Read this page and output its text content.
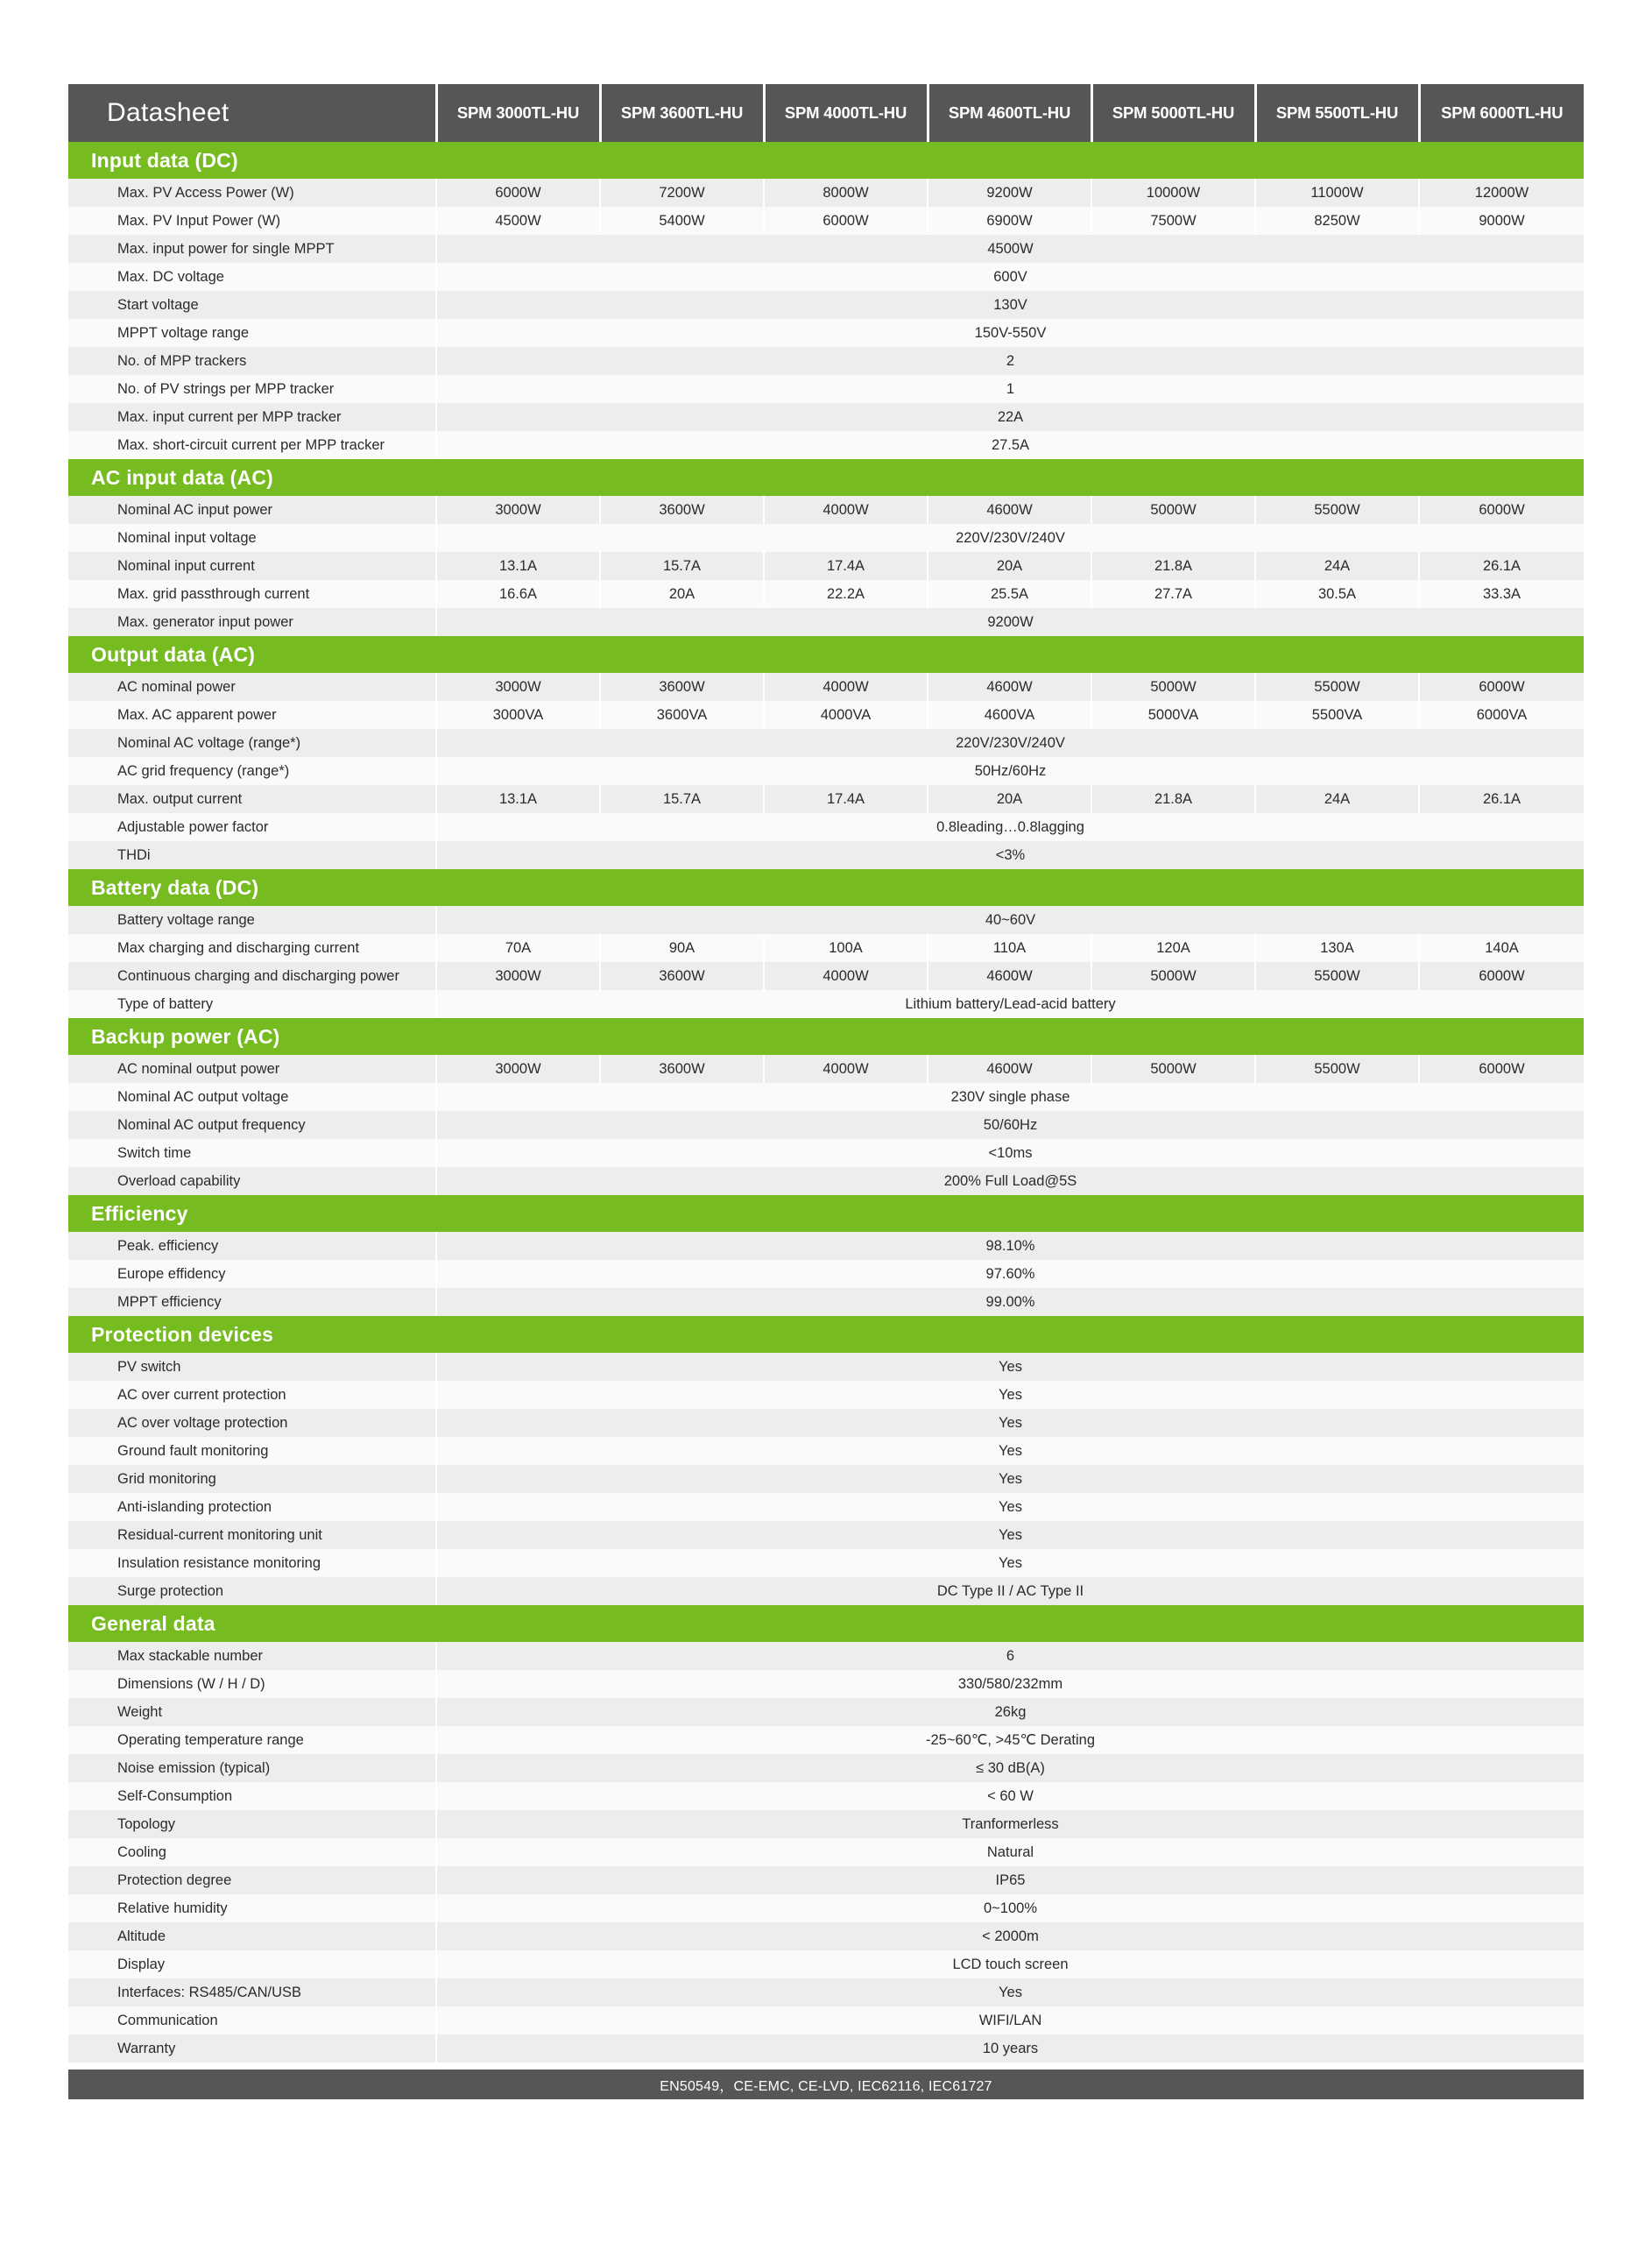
Datasheet	SPM 3000TL-HU	SPM 3600TL-HU	SPM 4000TL-HU	SPM 4600TL-HU	SPM 5000TL-HU	SPM 5500TL-HU	SPM 6000TL-HU
Input data (DC)							
Max. PV Access Power (W)	6000W	7200W	8000W	9200W	10000W	11000W	12000W
Max. PV Input Power (W)	4500W	5400W	6000W	6900W	7500W	8250W	9000W
Max. input power for single MPPT	4500W						
Max. DC voltage	600V						
Start voltage	130V						
MPPT voltage range	150V-550V						
No. of MPP trackers	2						
No. of PV strings per MPP tracker	1						
Max. input current per MPP tracker	22A						
Max. short-circuit current per MPP tracker	27.5A						
AC input data (AC)							
Nominal AC input power	3000W	3600W	4000W	4600W	5000W	5500W	6000W
Nominal input voltage	220V/230V/240V						
Nominal input current	13.1A	15.7A	17.4A	20A	21.8A	24A	26.1A
Max. grid passthrough current	16.6A	20A	22.2A	25.5A	27.7A	30.5A	33.3A
Max. generator input power	9200W						
Output data (AC)							
AC nominal power	3000W	3600W	4000W	4600W	5000W	5500W	6000W
Max. AC apparent power	3000VA	3600VA	4000VA	4600VA	5000VA	5500VA	6000VA
Nominal AC voltage (range*)	220V/230V/240V						
AC grid frequency (range*)	50Hz/60Hz						
Max. output current	13.1A	15.7A	17.4A	20A	21.8A	24A	26.1A
Adjustable power factor	0.8leading…0.8lagging						
THDi	<3%						
Battery data (DC)							
Battery voltage range	40~60V						
Max charging and discharging current	70A	90A	100A	110A	120A	130A	140A
Continuous charging and discharging power	3000W	3600W	4000W	4600W	5000W	5500W	6000W
Type of battery	Lithium battery/Lead-acid battery						
Backup power (AC)							
AC nominal output power	3000W	3600W	4000W	4600W	5000W	5500W	6000W
Nominal AC output voltage	230V single phase						
Nominal AC output frequency	50/60Hz						
Switch time	<10ms						
Overload capability	200% Full Load@5S						
Efficiency							
Peak. efficiency	98.10%						
Europe effidency	97.60%						
MPPT efficiency	99.00%						
Protection devices							
PV switch	Yes						
AC over current protection	Yes						
AC over voltage protection	Yes						
Ground fault monitoring	Yes						
Grid monitoring	Yes						
Anti-islanding protection	Yes						
Residual-current monitoring unit	Yes						
Insulation resistance monitoring	Yes						
Surge protection	DC Type II / AC Type II						
General data							
Max stackable number	6						
Dimensions (W / H / D)	330/580/232mm						
Weight	26kg						
Operating temperature range	-25~60℃, >45℃ Derating						
Noise emission (typical)	≤ 30 dB(A)						
Self-Consumption	< 60 W						
Topology	Tranformerless						
Cooling	Natural						
Protection degree	IP65						
Relative humidity	0~100%						
Altitude	< 2000m						
Display	LCD touch screen						
Interfaces: RS485/CAN/USB	Yes						
Communication	WIFI/LAN						
Warranty	10 years						
EN50549，CE-EMC, CE-LVD, IEC62116, IEC61727
